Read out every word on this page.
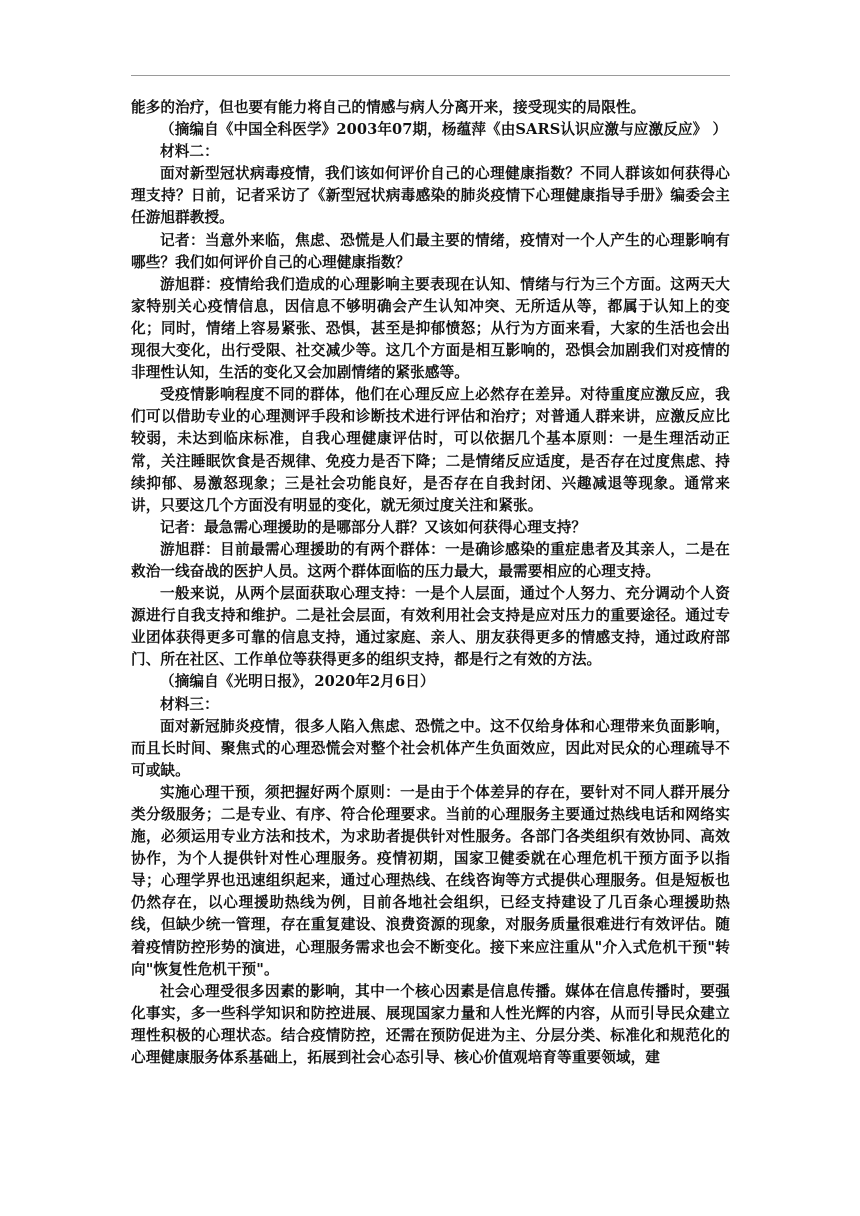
能多的治疗，但也要有能力将自己的情感与病人分离开来，接受现实的局限性。

（摘编自《中国全科医学》2003年07期，杨蕴萍《由SARS认识应激与应激反应》 ）

材料二：

面对新型冠状病毒疫情，我们该如何评价自己的心理健康指数？不同人群该如何获得心理支持？日前，记者采访了《新型冠状病毒感染的肺炎疫情下心理健康指导手册》编委会主任游旭群教授。

记者：当意外来临，焦虑、恐慌是人们最主要的情绪，疫情对一个人产生的心理影响有哪些？我们如何评价自己的心理健康指数？

游旭群：疫情给我们造成的心理影响主要表现在认知、情绪与行为三个方面。这两天大家特别关心疫情信息，因信息不够明确会产生认知冲突、无所适从等，都属于认知上的变化；同时，情绪上容易紧张、恐惧，甚至是抑郁愤怒；从行为方面来看，大家的生活也会出现很大变化，出行受限、社交减少等。这几个方面是相互影响的，恐惧会加剧我们对疫情的非理性认知，生活的变化又会加剧情绪的紧张感等。

受疫情影响程度不同的群体，他们在心理反应上必然存在差异。对待重度应激反应，我们可以借助专业的心理测评手段和诊断技术进行评估和治疗；对普通人群来讲，应激反应比较弱，未达到临床标准，自我心理健康评估时，可以依据几个基本原则：一是生理活动正常，关注睡眠饮食是否规律、免疫力是否下降；二是情绪反应适度，是否存在过度焦虑、持续抑郁、易激怒现象；三是社会功能良好，是否存在自我封闭、兴趣减退等现象。通常来讲，只要这几个方面没有明显的变化，就无须过度关注和紧张。

记者：最急需心理援助的是哪部分人群？又该如何获得心理支持？

游旭群：目前最需心理援助的有两个群体：一是确诊感染的重症患者及其亲人，二是在救治一线奋战的医护人员。这两个群体面临的压力最大，最需要相应的心理支持。

一般来说，从两个层面获取心理支持：一是个人层面，通过个人努力、充分调动个人资源进行自我支持和维护。二是社会层面，有效利用社会支持是应对压力的重要途径。通过专业团体获得更多可靠的信息支持，通过家庭、亲人、朋友获得更多的情感支持，通过政府部门、所在社区、工作单位等获得更多的组织支持，都是行之有效的方法。

（摘编自《光明日报》，2020年2月6日）

材料三：

面对新冠肺炎疫情，很多人陷入焦虑、恐慌之中。这不仅给身体和心理带来负面影响，而且长时间、聚焦式的心理恐慌会对整个社会机体产生负面效应，因此对民众的心理疏导不可或缺。

实施心理干预，须把握好两个原则：一是由于个体差异的存在，要针对不同人群开展分类分级服务；二是专业、有序、符合伦理要求。当前的心理服务主要通过热线电话和网络实施，必须运用专业方法和技术，为求助者提供针对性服务。各部门各类组织有效协同、高效协作，为个人提供针对性心理服务。疫情初期，国家卫健委就在心理危机干预方面予以指导；心理学界也迅速组织起来，通过心理热线、在线咨询等方式提供心理服务。但是短板也仍然存在，以心理援助热线为例，目前各地社会组织，已经支持建设了几百条心理援助热线，但缺少统一管理，存在重复建设、浪费资源的现象，对服务质量很难进行有效评估。随着疫情防控形势的演进，心理服务需求也会不断变化。接下来应注重从"介入式危机干预"转向"恢复性危机干预"。

社会心理受很多因素的影响，其中一个核心因素是信息传播。媒体在信息传播时，要强化事实，多一些科学知识和防控进展、展现国家力量和人性光辉的内容，从而引导民众建立理性积极的心理状态。结合疫情防控，还需在预防促进为主、分层分类、标准化和规范化的心理健康服务体系基础上，拓展到社会心态引导、核心价值观培育等重要领域，建
